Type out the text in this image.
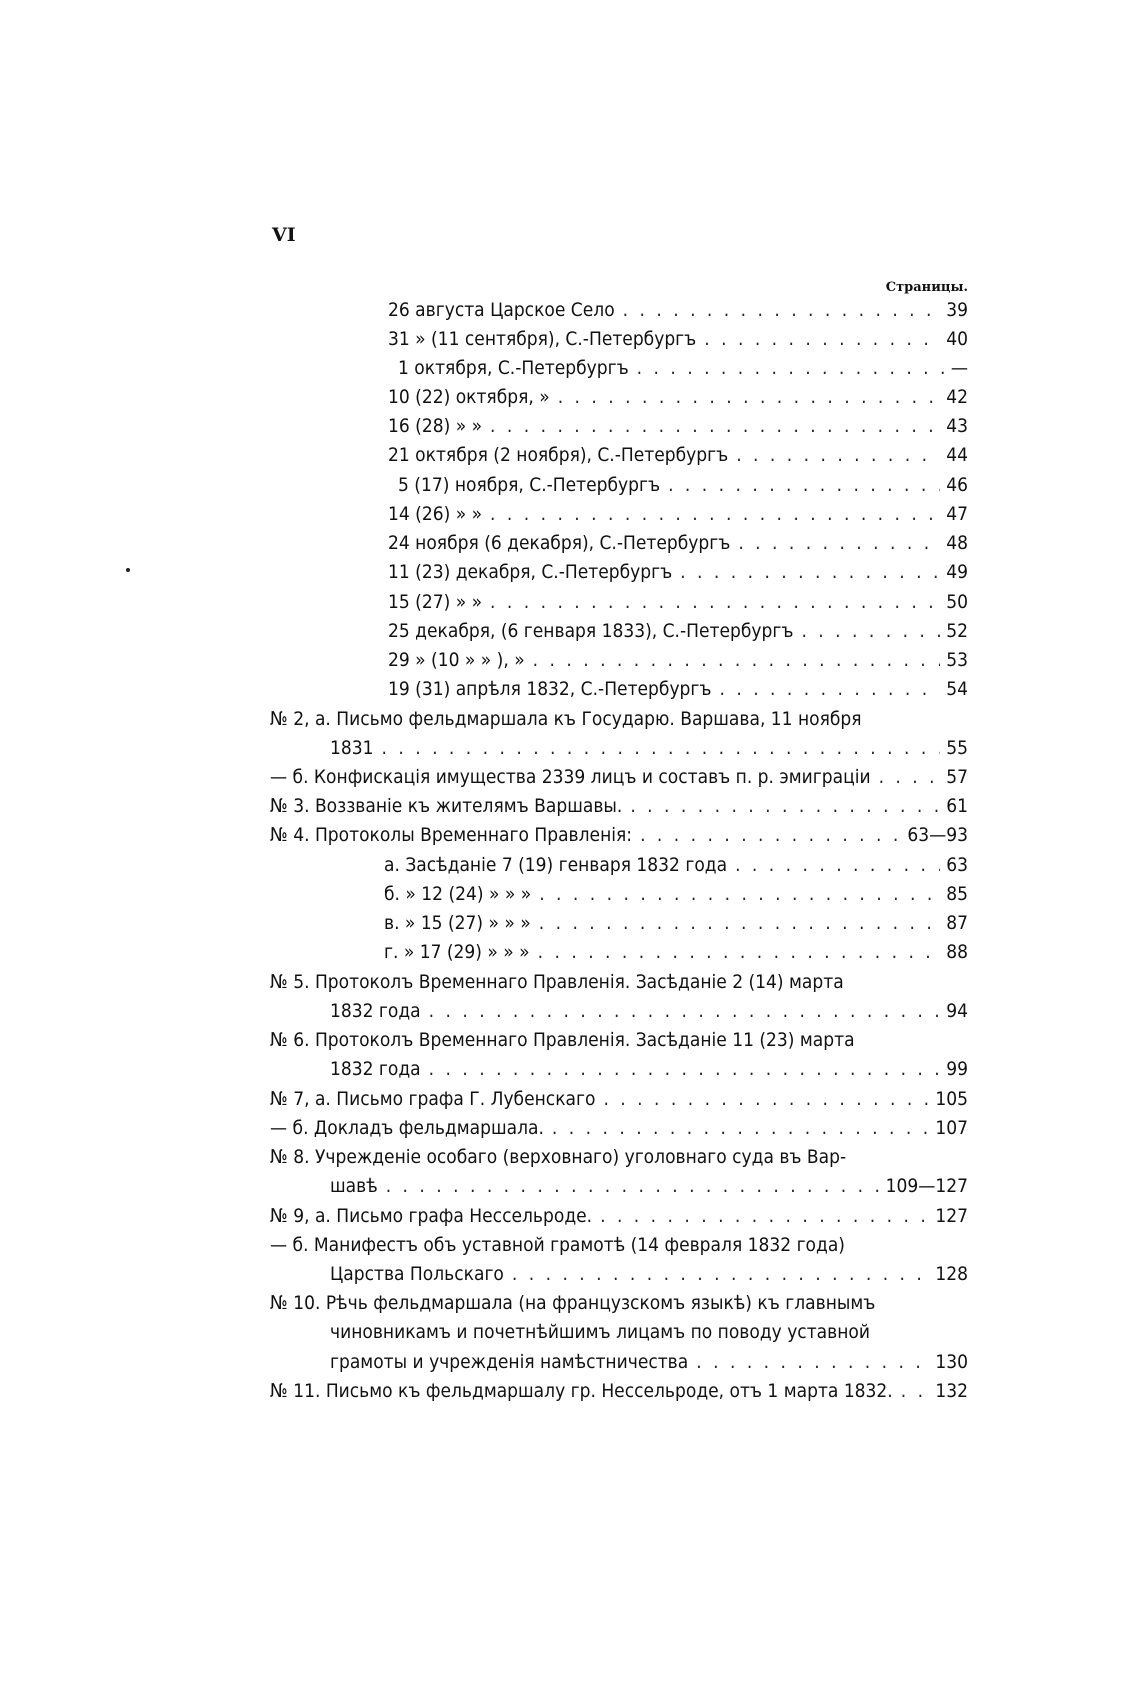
VI
Страницы.
26 августа Царское Село . . .	39
31 » (11 сентября), С.-Петербургъ . . .	40
1 октября, С.-Петербургъ . . .	—
10 (22) октября, » . . .	42
16 (28) » » . . .	43
21 октября (2 ноября), С.-Петербургъ . . .	44
5 (17) ноября, С.-Петербургъ . . .	46
14 (26) » » . . .	47
24 ноября (6 декабря), С.-Петербургъ . . .	48
11 (23) декабря, С.-Петербургъ . . .	49
15 (27) » » . . .	50
25 декабря, (6 генваря 1833), С.-Петербургъ . . .	52
29 » (10 » » ), » . . .	53
19 (31) апрѣля 1832, С.-Петербургъ . . .	54
№ 2, а. Письмо фельдмаршала къ Государю. Варшава, 11 ноября
1831 . . .	55
— б. Конфискація имущества 2339 лицъ и составъ п. р. эмиграціи . . .	57
№ 3. Воззваніе къ жителямъ Варшавы. . . .	61
№ 4. Протоколы Временнаго Правленія: . . .	63—93
а. Засѣданіе 7 (19) генваря 1832 года . . .	63
б. » 12 (24) » » » . . .	85
в. » 15 (27) » » » . . .	87
г. » 17 (29) » » » . . .	88
№ 5. Протоколъ Временнаго Правленія. Засѣданіе 2 (14) марта
1832 года . . .	94
№ 6. Протоколъ Временнаго Правленія. Засѣданіе 11 (23) марта
1832 года . . .	99
№ 7, а. Письмо графа Г. Лубенскаго . . .	105
— б. Докладъ фельдмаршала. . . .	107
№ 8. Учрежденіе особаго (верховнаго) уголовнаго суда въ Вар-
шавѣ . . .	109—127
№ 9, а. Письмо графа Нессельроде. . . .	127
— б. Манифестъ объ уставной грамотѣ (14 февраля 1832 года)
Царства Польскаго . . .	128
№ 10. Рѣчь фельдмаршала (на французскомъ языкѣ) къ главнымъ
чиновникамъ и почетнѣйшимъ лицамъ по поводу уставной
грамоты и учрежденія намѣстничества . . .	130
№ 11. Письмо къ фельдмаршалу гр. Нессельроде, отъ 1 марта 1832. . . .	132
